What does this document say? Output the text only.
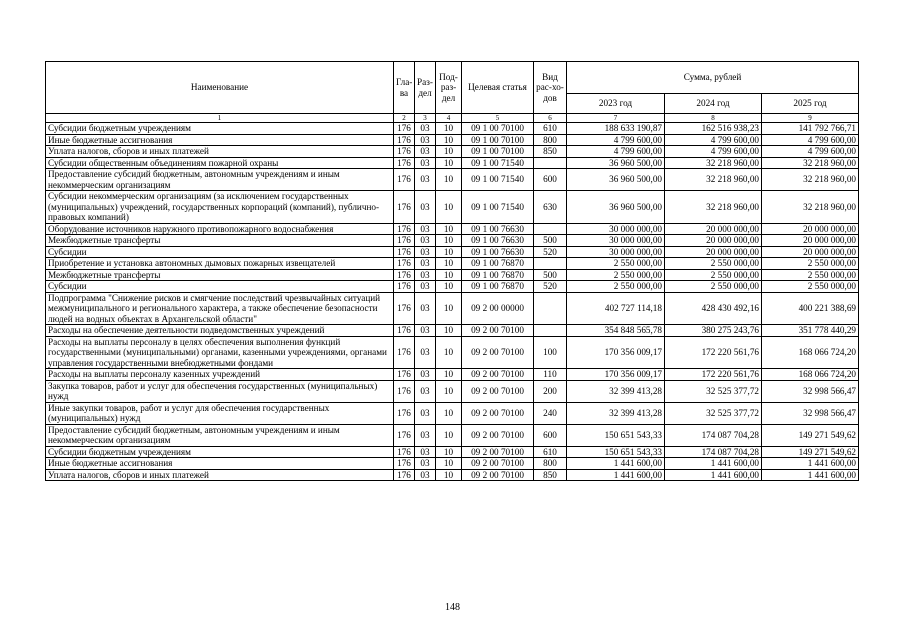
Наименование	Гла-ва	Раз-дел	Под-раз-дел	Целевая статья	Вид рас-хо-дов	Сумма, рублей		
						2023 год	2024 год	2025 год
1	2	3	4	5	6	7	8	9
Субсидии бюджетным учреждениям	176	03	10	09 1 00 70100	610	188 633 190,87	162 516 938,23	141 792 766,71
Иные бюджетные ассигнования	176	03	10	09 1 00 70100	800	4 799 600,00	4 799 600,00	4 799 600,00
Уплата налогов, сборов и иных платежей	176	03	10	09 1 00 70100	850	4 799 600,00	4 799 600,00	4 799 600,00
Субсидии общественным объединениям пожарной охраны	176	03	10	09 1 00 71540		36 960 500,00	32 218 960,00	32 218 960,00
Предоставление субсидий бюджетным, автономным учреждениям и иным некоммерческим организациям	176	03	10	09 1 00 71540	600	36 960 500,00	32 218 960,00	32 218 960,00
Субсидии некоммерческим организациям (за исключением государственных (муниципальных) учреждений, государственных корпораций (компаний), публично-правовых компаний)	176	03	10	09 1 00 71540	630	36 960 500,00	32 218 960,00	32 218 960,00
Оборудование источников наружного противопожарного водоснабжения	176	03	10	09 1 00 76630		30 000 000,00	20 000 000,00	20 000 000,00
Межбюджетные трансферты	176	03	10	09 1 00 76630	500	30 000 000,00	20 000 000,00	20 000 000,00
Субсидии	176	03	10	09 1 00 76630	520	30 000 000,00	20 000 000,00	20 000 000,00
Приобретение и установка автономных дымовых пожарных извещателей	176	03	10	09 1 00 76870		2 550 000,00	2 550 000,00	2 550 000,00
Межбюджетные трансферты	176	03	10	09 1 00 76870	500	2 550 000,00	2 550 000,00	2 550 000,00
Субсидии	176	03	10	09 1 00 76870	520	2 550 000,00	2 550 000,00	2 550 000,00
Подпрограмма "Снижение рисков и смягчение последствий чрезвычайных ситуаций межмуниципального и регионального характера, а также обеспечение безопасности людей на водных объектах в Архангельской области"	176	03	10	09 2 00 00000		402 727 114,18	428 430 492,16	400 221 388,69
Расходы на обеспечение деятельности подведомственных учреждений	176	03	10	09 2 00 70100		354 848 565,78	380 275 243,76	351 778 440,29
Расходы на выплаты персоналу в целях обеспечения выполнения функций государственными (муниципальными) органами, казенными учреждениями, органами управления государственными внебюджетными фондами	176	03	10	09 2 00 70100	100	170 356 009,17	172 220 561,76	168 066 724,20
Расходы на выплаты персоналу казенных учреждений	176	03	10	09 2 00 70100	110	170 356 009,17	172 220 561,76	168 066 724,20
Закупка товаров, работ и услуг для обеспечения государственных (муниципальных) нужд	176	03	10	09 2 00 70100	200	32 399 413,28	32 525 377,72	32 998 566,47
Иные закупки товаров, работ и услуг для обеспечения государственных (муниципальных) нужд	176	03	10	09 2 00 70100	240	32 399 413,28	32 525 377,72	32 998 566,47
Предоставление субсидий бюджетным, автономным учреждениям и иным некоммерческим организациям	176	03	10	09 2 00 70100	600	150 651 543,33	174 087 704,28	149 271 549,62
Субсидии бюджетным учреждениям	176	03	10	09 2 00 70100	610	150 651 543,33	174 087 704,28	149 271 549,62
Иные бюджетные ассигнования	176	03	10	09 2 00 70100	800	1 441 600,00	1 441 600,00	1 441 600,00
Уплата налогов, сборов и иных платежей	176	03	10	09 2 00 70100	850	1 441 600,00	1 441 600,00	1 441 600,00
148
